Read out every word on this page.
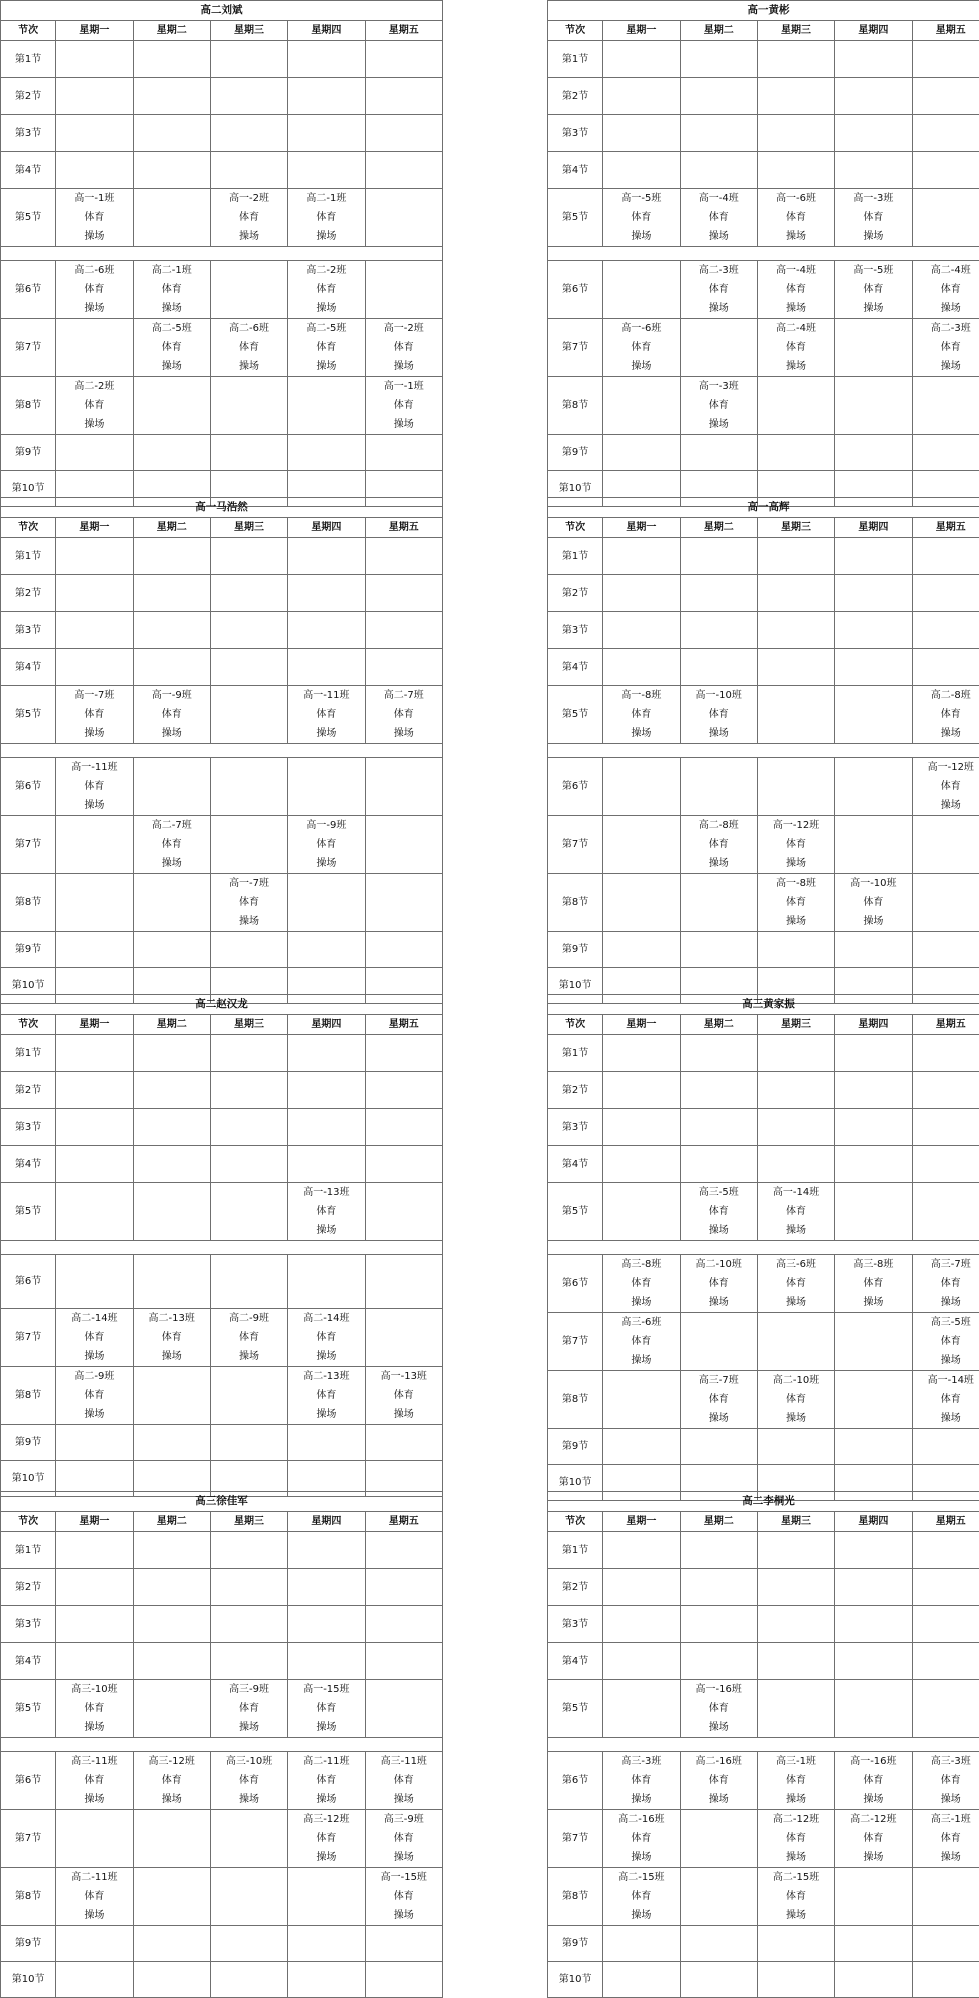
高二刘斌					
节次	星期一	星期二	星期三	星期四	星期五
第1节					
第2节					
第3节					
第4节					
第5节	高一-1班
体育
操场		高一-2班
体育
操场	高二-1班
体育
操场	

第6节	高二-6班
体育
操场	高二-1班
体育
操场		高二-2班
体育
操场	

第7节		高二-5班
体育
操场	高二-6班
体育
操场	高二-5班
体育
操场	高一-2班
体育
操场

第8节	高二-2班
体育
操场				高一-1班
体育
操场

第9节					
第10节					
高一黄彬					
节次	星期一	星期二	星期三	星期四	星期五
第1节					
第2节					
第3节					
第4节					
第5节	高一-5班
体育
操场	高一-4班
体育
操场	高一-6班
体育
操场	高一-3班
体育
操场	

第6节		高二-3班
体育
操场	高一-4班
体育
操场	高一-5班
体育
操场	高二-4班
体育
操场

第7节	高一-6班
体育
操场		高二-4班
体育
操场		高二-3班
体育
操场

第8节		高一-3班
体育
操场			

第9节					
第10节					
高一马浩然					
节次	星期一	星期二	星期三	星期四	星期五
第1节					
第2节					
第3节					
第4节					
第5节	高一-7班
体育
操场	高一-9班
体育
操场		高一-11班
体育
操场	高二-7班
体育
操场

第6节	高一-11班
体育
操场				

第7节		高二-7班
体育
操场		高一-9班
体育
操场	

第8节			高一-7班
体育
操场		

第9节					
第10节					
高一高辉					
节次	星期一	星期二	星期三	星期四	星期五
第1节					
第2节					
第3节					
第4节					
第5节	高一-8班
体育
操场	高一-10班
体育
操场			高二-8班
体育
操场

第6节					高一-12班
体育
操场

第7节		高二-8班
体育
操场	高一-12班
体育
操场		

第8节			高一-8班
体育
操场	高一-10班
体育
操场	

第9节					
第10节					
高二赵汉龙					
节次	星期一	星期二	星期三	星期四	星期五
第1节					
第2节					
第3节					
第4节					
第5节				高一-13班
体育
操场	

第6节					
第7节	高二-14班
体育
操场	高二-13班
体育
操场	高二-9班
体育
操场	高二-14班
体育
操场	

第8节	高二-9班
体育
操场			高二-13班
体育
操场	高一-13班
体育
操场

第9节					
第10节					
高三黄家振					
节次	星期一	星期二	星期三	星期四	星期五
第1节					
第2节					
第3节					
第4节					
第5节		高三-5班
体育
操场	高一-14班
体育
操场		

第6节	高三-8班
体育
操场	高二-10班
体育
操场	高三-6班
体育
操场	高三-8班
体育
操场	高三-7班
体育
操场

第7节	高三-6班
体育
操场				高三-5班
体育
操场

第8节		高三-7班
体育
操场	高二-10班
体育
操场		高一-14班
体育
操场

第9节					
第10节					
高三徐佳军					
节次	星期一	星期二	星期三	星期四	星期五
第1节					
第2节					
第3节					
第4节					
第5节	高三-10班
体育
操场		高三-9班
体育
操场	高一-15班
体育
操场	

第6节	高三-11班
体育
操场	高三-12班
体育
操场	高三-10班
体育
操场	高二-11班
体育
操场	高三-11班
体育
操场

第7节				高三-12班
体育
操场	高三-9班
体育
操场

第8节	高二-11班
体育
操场				高一-15班
体育
操场

第9节					
第10节					
高二李桐光					
节次	星期一	星期二	星期三	星期四	星期五
第1节					
第2节					
第3节					
第4节					
第5节		高一-16班
体育
操场			

第6节	高三-3班
体育
操场	高二-16班
体育
操场	高三-1班
体育
操场	高一-16班
体育
操场	高三-3班
体育
操场

第7节	高二-16班
体育
操场		高二-12班
体育
操场	高二-12班
体育
操场	高三-1班
体育
操场

第8节	高二-15班
体育
操场		高二-15班
体育
操场		

第9节					
第10节					
